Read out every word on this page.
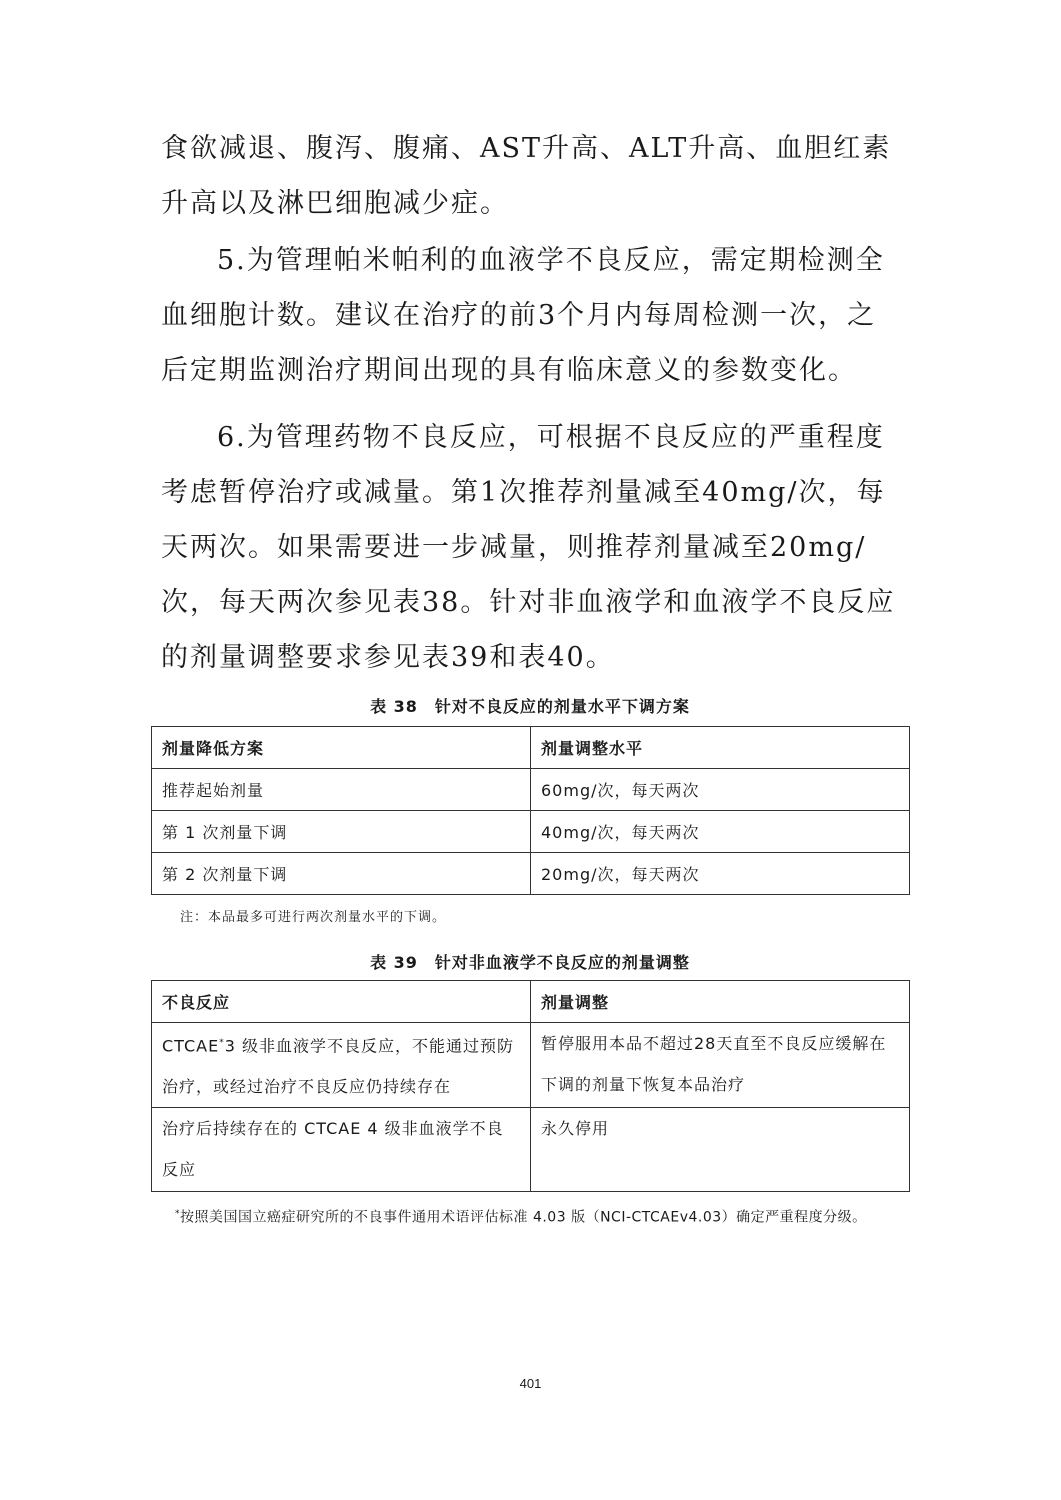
食欲减退、腹泻、腹痛、AST升高、ALT升高、血胆红素升高以及淋巴细胞减少症。

5.为管理帕米帕利的血液学不良反应，需定期检测全血细胞计数。建议在治疗的前3个月内每周检测一次，之后定期监测治疗期间出现的具有临床意义的参数变化。

6.为管理药物不良反应，可根据不良反应的严重程度考虑暂停治疗或减量。第1次推荐剂量减至40mg/次，每天两次。如果需要进一步减量，则推荐剂量减至20mg/次，每天两次参见表38。针对非血液学和血液学不良反应的剂量调整要求参见表39和表40。

表 38　针对不良反应的剂量水平下调方案

剂量降低方案	剂量调整水平
推荐起始剂量	60mg/次，每天两次
第 1 次剂量下调	40mg/次，每天两次
第 2 次剂量下调	20mg/次，每天两次

注：本品最多可进行两次剂量水平的下调。

表 39　针对非血液学不良反应的剂量调整

不良反应	剂量调整
CTCAE*3 级非血液学不良反应，不能通过预防治疗，或经过治疗不良反应仍持续存在	暂停服用本品不超过28天直至不良反应缓解在下调的剂量下恢复本品治疗
治疗后持续存在的 CTCAE 4 级非血液学不良反应	永久停用

*按照美国国立癌症研究所的不良事件通用术语评估标准 4.03 版（NCI-CTCAEv4.03）确定严重程度分级。

401
